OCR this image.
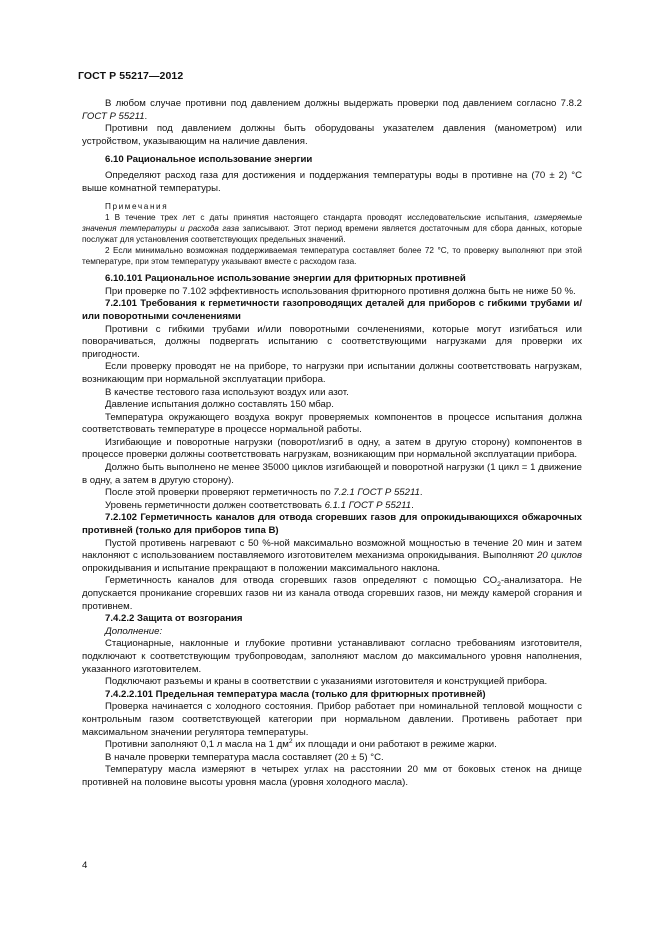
ГОСТ Р 55217—2012

В любом случае противни под давлением должны выдержать проверки под давлением согласно 7.8.2 ГОСТ Р 55211.

Противни под давлением должны быть оборудованы указателем давления (манометром) или устройством, указывающим на наличие давления.

6.10 Рациональное использование энергии

Определяют расход газа для достижения и поддержания температуры воды в противне на (70 ± 2) °С выше комнатной температуры.

Примечания

1 В течение трех лет с даты принятия настоящего стандарта проводят исследовательские испытания, измеряемые значения температуры и расхода газа записывают. Этот период времени является достаточным для сбора данных, которые послужат для установления соответствующих предельных значений.

2 Если минимально возможная поддерживаемая температура составляет более 72 °С, то проверку выполняют при этой температуре, при этом температуру указывают вместе с расходом газа.

6.10.101 Рациональное использование энергии для фритюрных противней

При проверке по 7.102 эффективность использования фритюрного противня должна быть не ниже 50 %.

7.2.101 Требования к герметичности газопроводящих деталей для приборов с гибкими трубами и/или поворотными сочленениями

Противни с гибкими трубами и/или поворотными сочленениями, которые могут изгибаться или поворачиваться, должны подвергать испытанию с соответствующими нагрузками для проверки их пригодности.

Если проверку проводят не на приборе, то нагрузки при испытании должны соответствовать нагрузкам, возникающим при нормальной эксплуатации прибора.

В качестве тестового газа используют воздух или азот.

Давление испытания должно составлять 150 мбар.

Температура окружающего воздуха вокруг проверяемых компонентов в процессе испытания должна соответствовать температуре в процессе нормальной работы.

Изгибающие и поворотные нагрузки (поворот/изгиб в одну, а затем в другую сторону) компонентов в процессе проверки должны соответствовать нагрузкам, возникающим при нормальной эксплуатации прибора.

Должно быть выполнено не менее 35000 циклов изгибающей и поворотной нагрузки (1 цикл = 1 движение в одну, а затем в другую сторону).

После этой проверки проверяют герметичность по 7.2.1 ГОСТ Р 55211.

Уровень герметичности должен соответствовать 6.1.1 ГОСТ Р 55211.

7.2.102 Герметичность каналов для отвода сгоревших газов для опрокидывающихся обжарочных противней (только для приборов типа В)

Пустой противень нагревают с 50 %-ной максимально возможной мощностью в течение 20 мин и затем наклоняют с использованием поставляемого изготовителем механизма опрокидывания. Выполняют 20 циклов опрокидывания и испытание прекращают в положении максимального наклона.

Герметичность каналов для отвода сгоревших газов определяют с помощью $СО_2$-анализатора. Не допускается проникание сгоревших газов ни из канала отвода сгоревших газов, ни между камерой сгорания и противнем.

7.4.2.2 Защита от возгорания

Дополнение:

Стационарные, наклонные и глубокие противни устанавливают согласно требованиям изготовителя, подключают к соответствующим трубопроводам, заполняют маслом до максимального уровня наполнения, указанного изготовителем.

Подключают разъемы и краны в соответствии с указаниями изготовителя и конструкцией прибора.

7.4.2.2.101 Предельная температура масла (только для фритюрных противней)

Проверка начинается с холодного состояния. Прибор работает при номинальной тепловой мощности с контрольным газом соответствующей категории при нормальном давлении. Противень работает при максимальном значении регулятора температуры.

Противни заполняют 0,1 л масла на 1 $дм^2$ их площади и они работают в режиме жарки.

В начале проверки температура масла составляет (20 ± 5) °С.

Температуру масла измеряют в четырех углах на расстоянии 20 мм от боковых стенок на днище противней на половине высоты уровня масла (уровня холодного масла).

4
